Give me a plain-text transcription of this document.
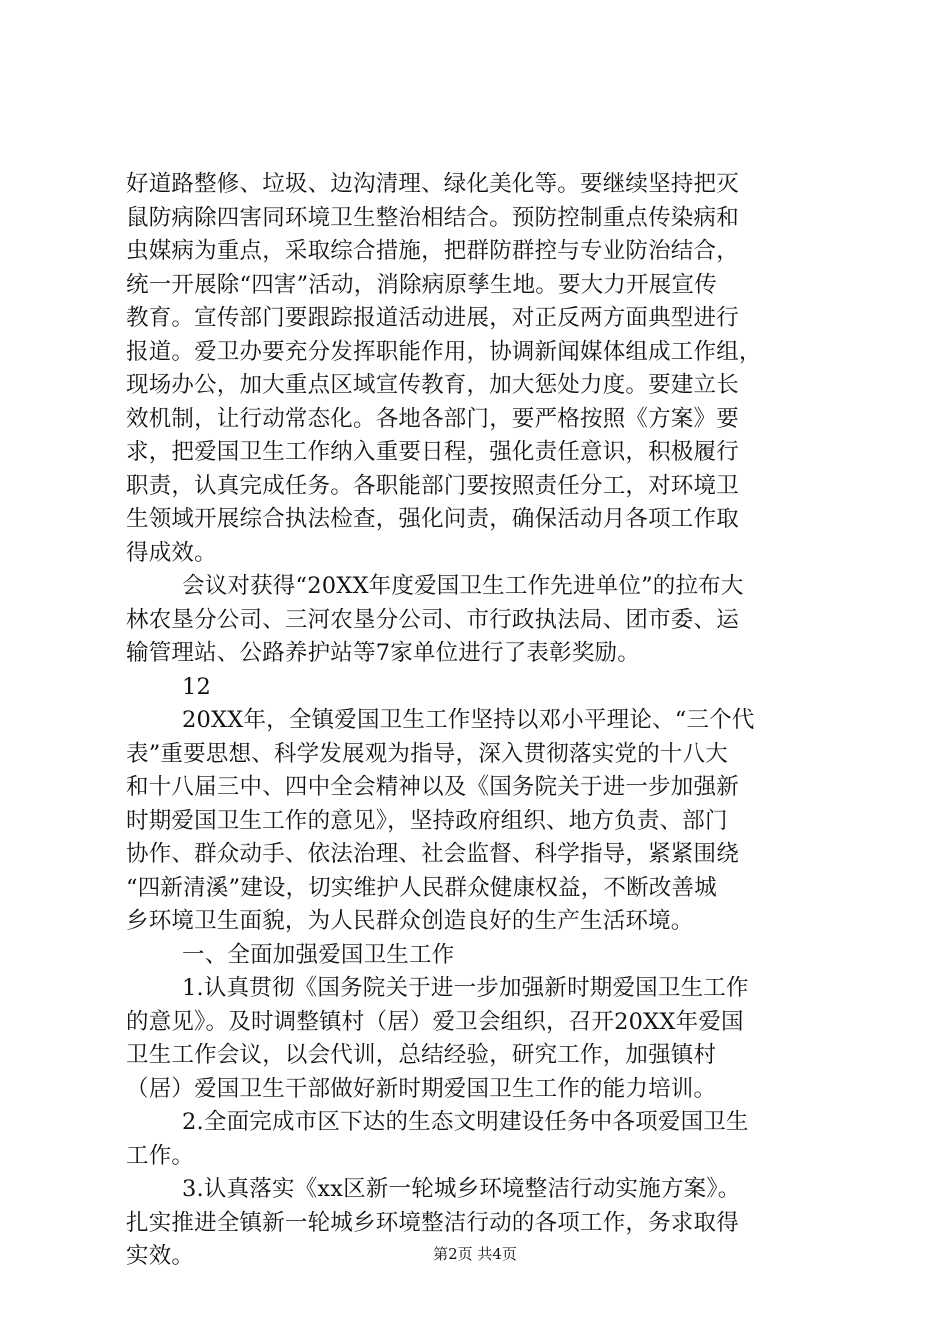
好道路整修、垃圾、边沟清理、绿化美化等。要继续坚持把灭
鼠防病除四害同环境卫生整治相结合。预防控制重点传染病和
虫媒病为重点，采取综合措施，把群防群控与专业防治结合，
统一开展除“四害”活动，消除病原孳生地。要大力开展宣传
教育。宣传部门要跟踪报道活动进展，对正反两方面典型进行
报道。爱卫办要充分发挥职能作用，协调新闻媒体组成工作组，
现场办公，加大重点区域宣传教育，加大惩处力度。要建立长
效机制，让行动常态化。各地各部门，要严格按照《方案》要
求，把爱国卫生工作纳入重要日程，强化责任意识，积极履行
职责，认真完成任务。各职能部门要按照责任分工，对环境卫
生领域开展综合执法检查，强化问责，确保活动月各项工作取
得成效。
会议对获得“20XX年度爱国卫生工作先进单位”的拉布大
林农垦分公司、三河农垦分公司、市行政执法局、团市委、运
输管理站、公路养护站等7家单位进行了表彰奖励。
12
20XX年，全镇爱国卫生工作坚持以邓小平理论、“三个代
表”重要思想、科学发展观为指导，深入贯彻落实党的十八大
和十八届三中、四中全会精神以及《国务院关于进一步加强新
时期爱国卫生工作的意见》，坚持政府组织、地方负责、部门
协作、群众动手、依法治理、社会监督、科学指导，紧紧围绕
“四新清溪”建设，切实维护人民群众健康权益，不断改善城
乡环境卫生面貌，为人民群众创造良好的生产生活环境。
一、全面加强爱国卫生工作
1.认真贯彻《国务院关于进一步加强新时期爱国卫生工作
的意见》。及时调整镇村（居）爱卫会组织，召开20XX年爱国
卫生工作会议，以会代训，总结经验，研究工作，加强镇村
（居）爱国卫生干部做好新时期爱国卫生工作的能力培训。
2.全面完成市区下达的生态文明建设任务中各项爱国卫生
工作。
3.认真落实《xx区新一轮城乡环境整洁行动实施方案》。
扎实推进全镇新一轮城乡环境整洁行动的各项工作，务求取得
实效。	第2页 共4页
